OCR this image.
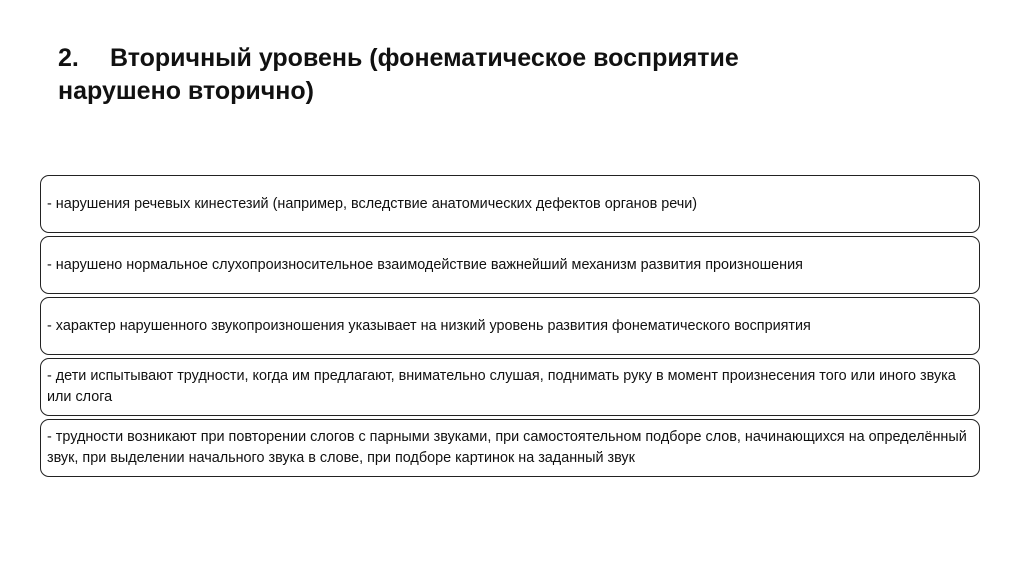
2. Вторичный уровень (фонематическое восприятие
нарушено вторично)
- нарушения речевых кинестезий (например, вследствие анатомических дефектов органов речи)
- нарушено нормальное слухопроизносительное взаимодействие важнейший механизм развития произношения
- характер нарушенного звукопроизношения указывает на низкий уровень развития фонематического восприятия
- дети испытывают трудности, когда им предлагают, внимательно слушая, поднимать руку в момент произнесения того или иного звука или слога
- трудности возникают при повторении слогов с парными звуками, при самостоятельном подборе слов, начинающихся на определённый звук, при выделении начального звука в слове, при подборе картинок на заданный звук
